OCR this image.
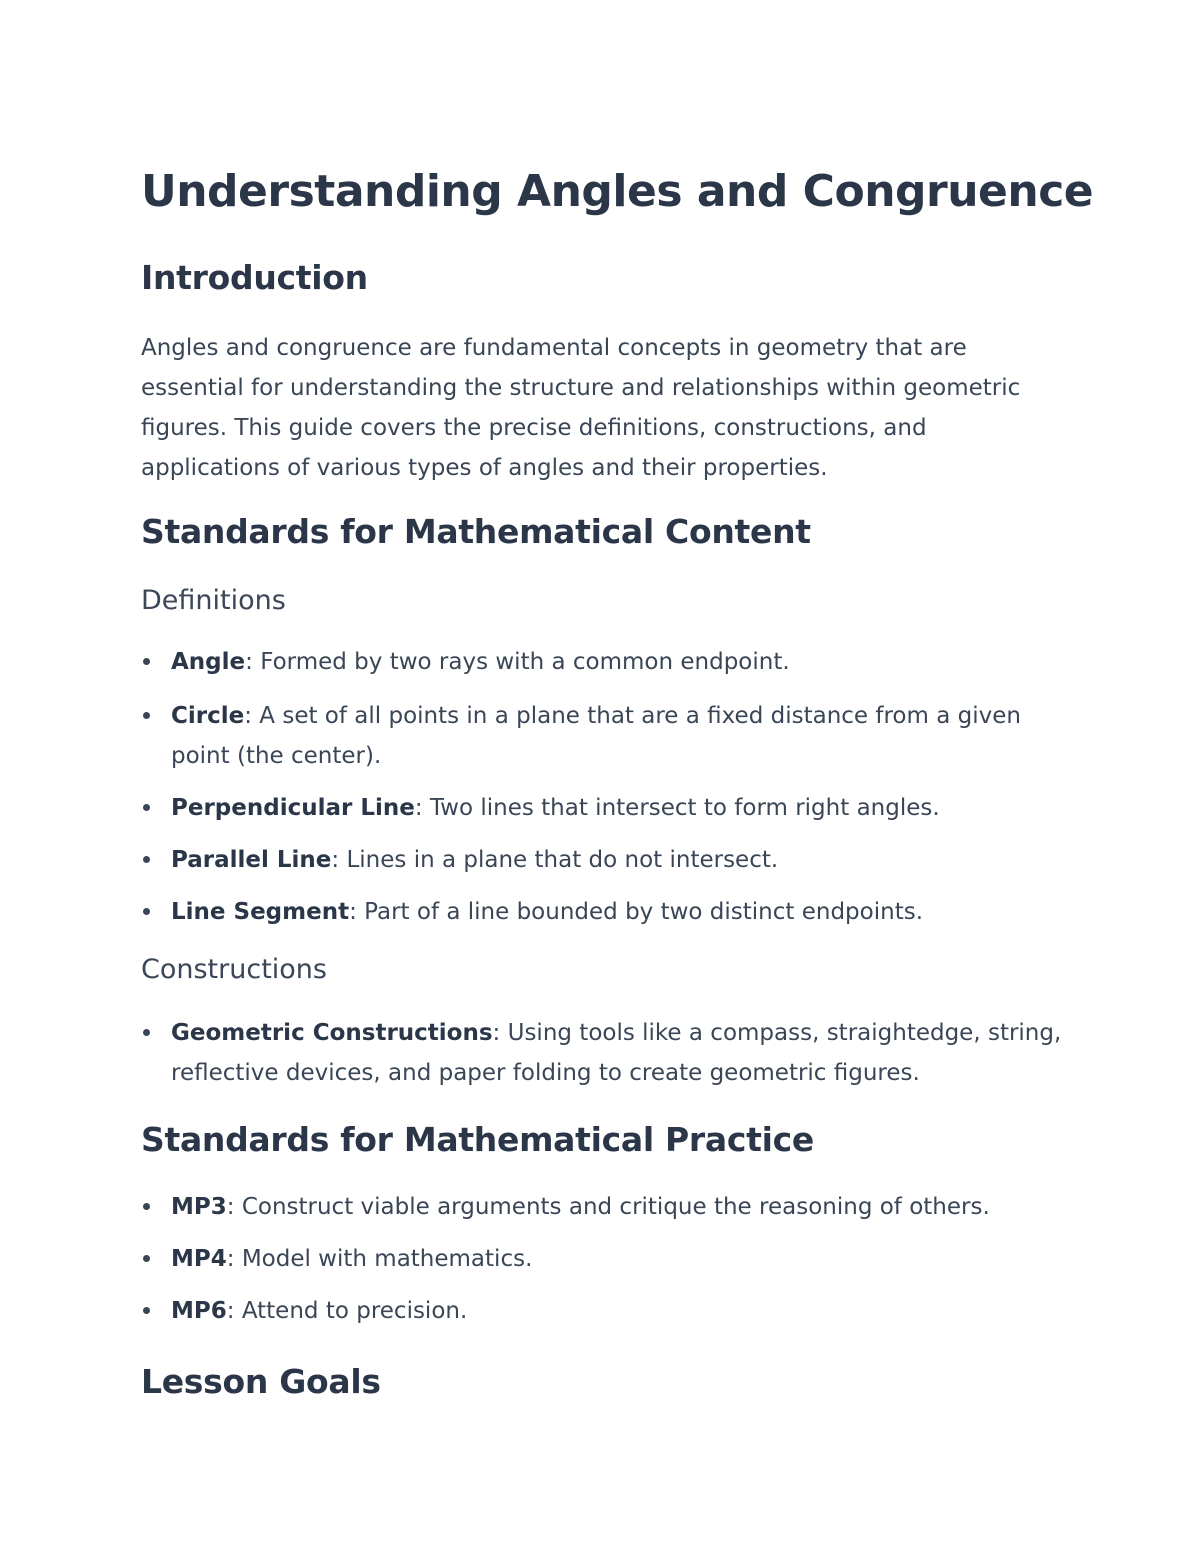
Understanding Angles and Congruence
Introduction

Angles and congruence are fundamental concepts in geometry that are essential for understanding the structure and relationships within geometric figures. This guide covers the precise definitions, constructions, and applications of various types of angles and their properties.

Standards for Mathematical Content
Definitions
Angle: Formed by two rays with a common endpoint.
Circle: A set of all points in a plane that are a fixed distance from a given point (the center).
Perpendicular Line: Two lines that intersect to form right angles.
Parallel Line: Lines in a plane that do not intersect.
Line Segment: Part of a line bounded by two distinct endpoints.
Constructions
Geometric Constructions: Using tools like a compass, straightedge, string, reflective devices, and paper folding to create geometric figures.
Standards for Mathematical Practice
MP3: Construct viable arguments and critique the reasoning of others.
MP4: Model with mathematics.
MP6: Attend to precision.
Lesson Goals
